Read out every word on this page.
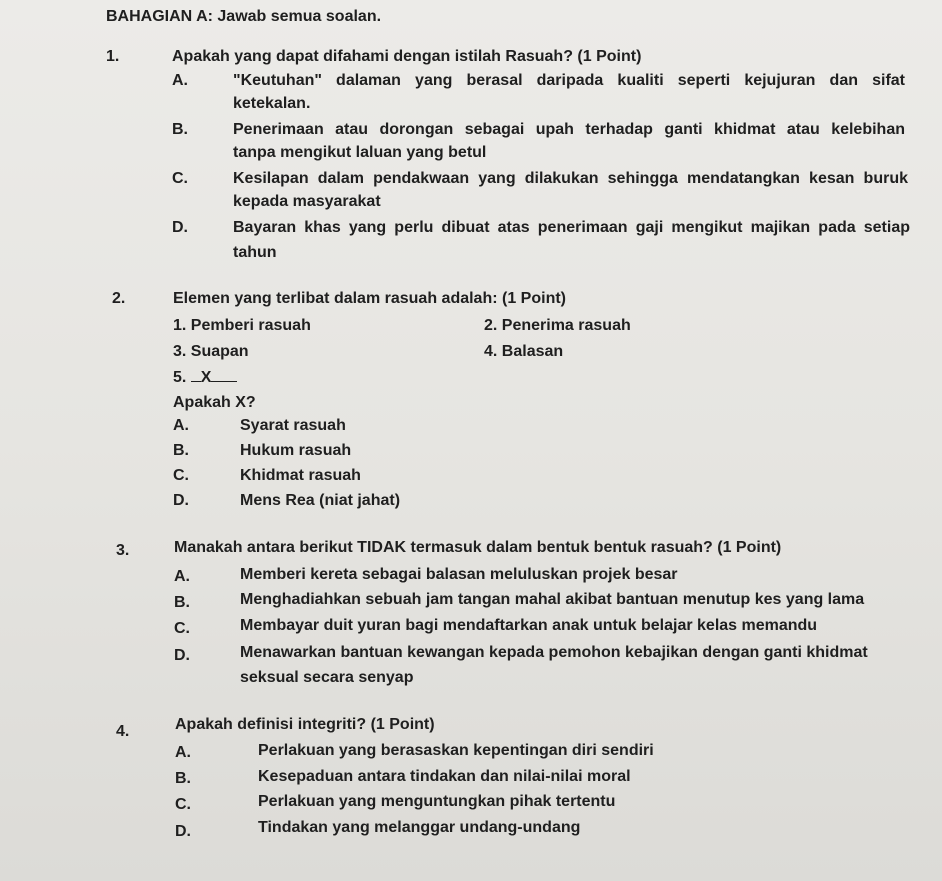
BAHAGIAN A: Jawab semua soalan.
1.	Apakah yang dapat difahami dengan istilah Rasuah? (1 Point)
A.	"Keutuhan" dalaman yang berasal daripada kualiti seperti kejujuran dan sifat
ketekalan.
B.	Penerimaan atau dorongan sebagai upah terhadap ganti khidmat atau kelebihan
tanpa mengikut laluan yang betul
C.	Kesilapan dalam pendakwaan yang dilakukan sehingga mendatangkan kesan buruk
kepada masyarakat
D.	Bayaran khas yang perlu dibuat atas penerimaan gaji mengikut majikan pada setiap
tahun
2.	Elemen yang terlibat dalam rasuah adalah: (1 Point)
1. Pemberi rasuah	2. Penerima rasuah
3. Suapan	4. Balasan
5. X
Apakah X?
A.	Syarat rasuah
B.	Hukum rasuah
C.	Khidmat rasuah
D.	Mens Rea (niat jahat)
3.	Manakah antara berikut TIDAK termasuk dalam bentuk bentuk rasuah? (1 Point)
A.	Memberi kereta sebagai balasan meluluskan projek besar
B.	Menghadiahkan sebuah jam tangan mahal akibat bantuan menutup kes yang lama
C.	Membayar duit yuran bagi mendaftarkan anak untuk belajar kelas memandu
D.	Menawarkan bantuan kewangan kepada pemohon kebajikan dengan ganti khidmat
seksual secara senyap
4.	Apakah definisi integriti? (1 Point)
A.	Perlakuan yang berasaskan kepentingan diri sendiri
B.	Kesepaduan antara tindakan dan nilai-nilai moral
C.	Perlakuan yang menguntungkan pihak tertentu
D.	Tindakan yang melanggar undang-undang
